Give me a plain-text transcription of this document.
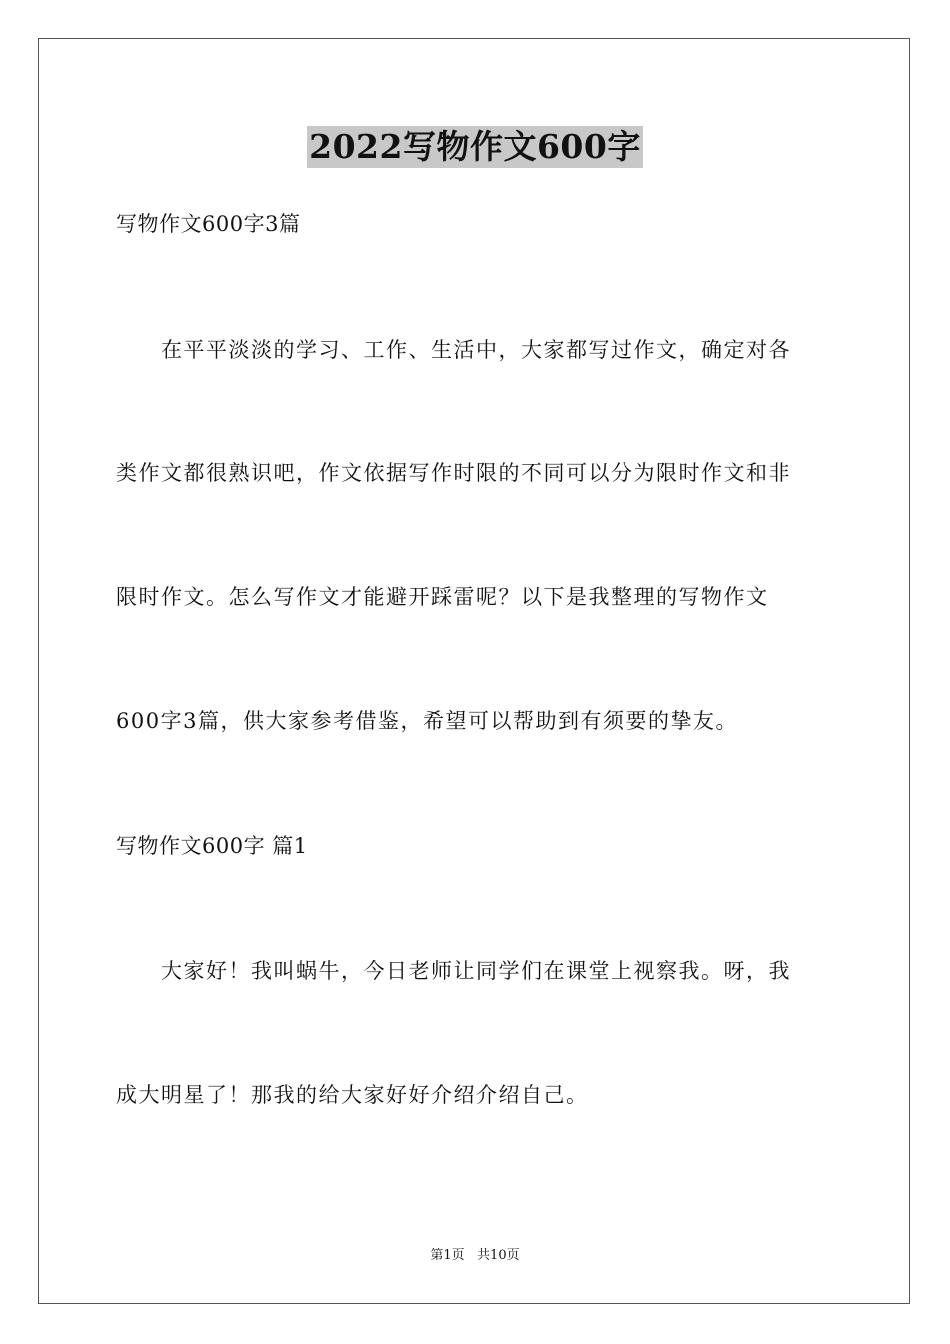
2022写物作文600字
写物作文600字3篇
　　在平平淡淡的学习、工作、生活中，大家都写过作文，确定对各
类作文都很熟识吧，作文依据写作时限的不同可以分为限时作文和非
限时作文。怎么写作文才能避开踩雷呢？以下是我整理的写物作文
600字3篇，供大家参考借鉴，希望可以帮助到有须要的挚友。
写物作文600字 篇1
　　大家好！我叫蜗牛，今日老师让同学们在课堂上视察我。呀，我
成大明星了！那我的给大家好好介绍介绍自己。
第1页   共10页
